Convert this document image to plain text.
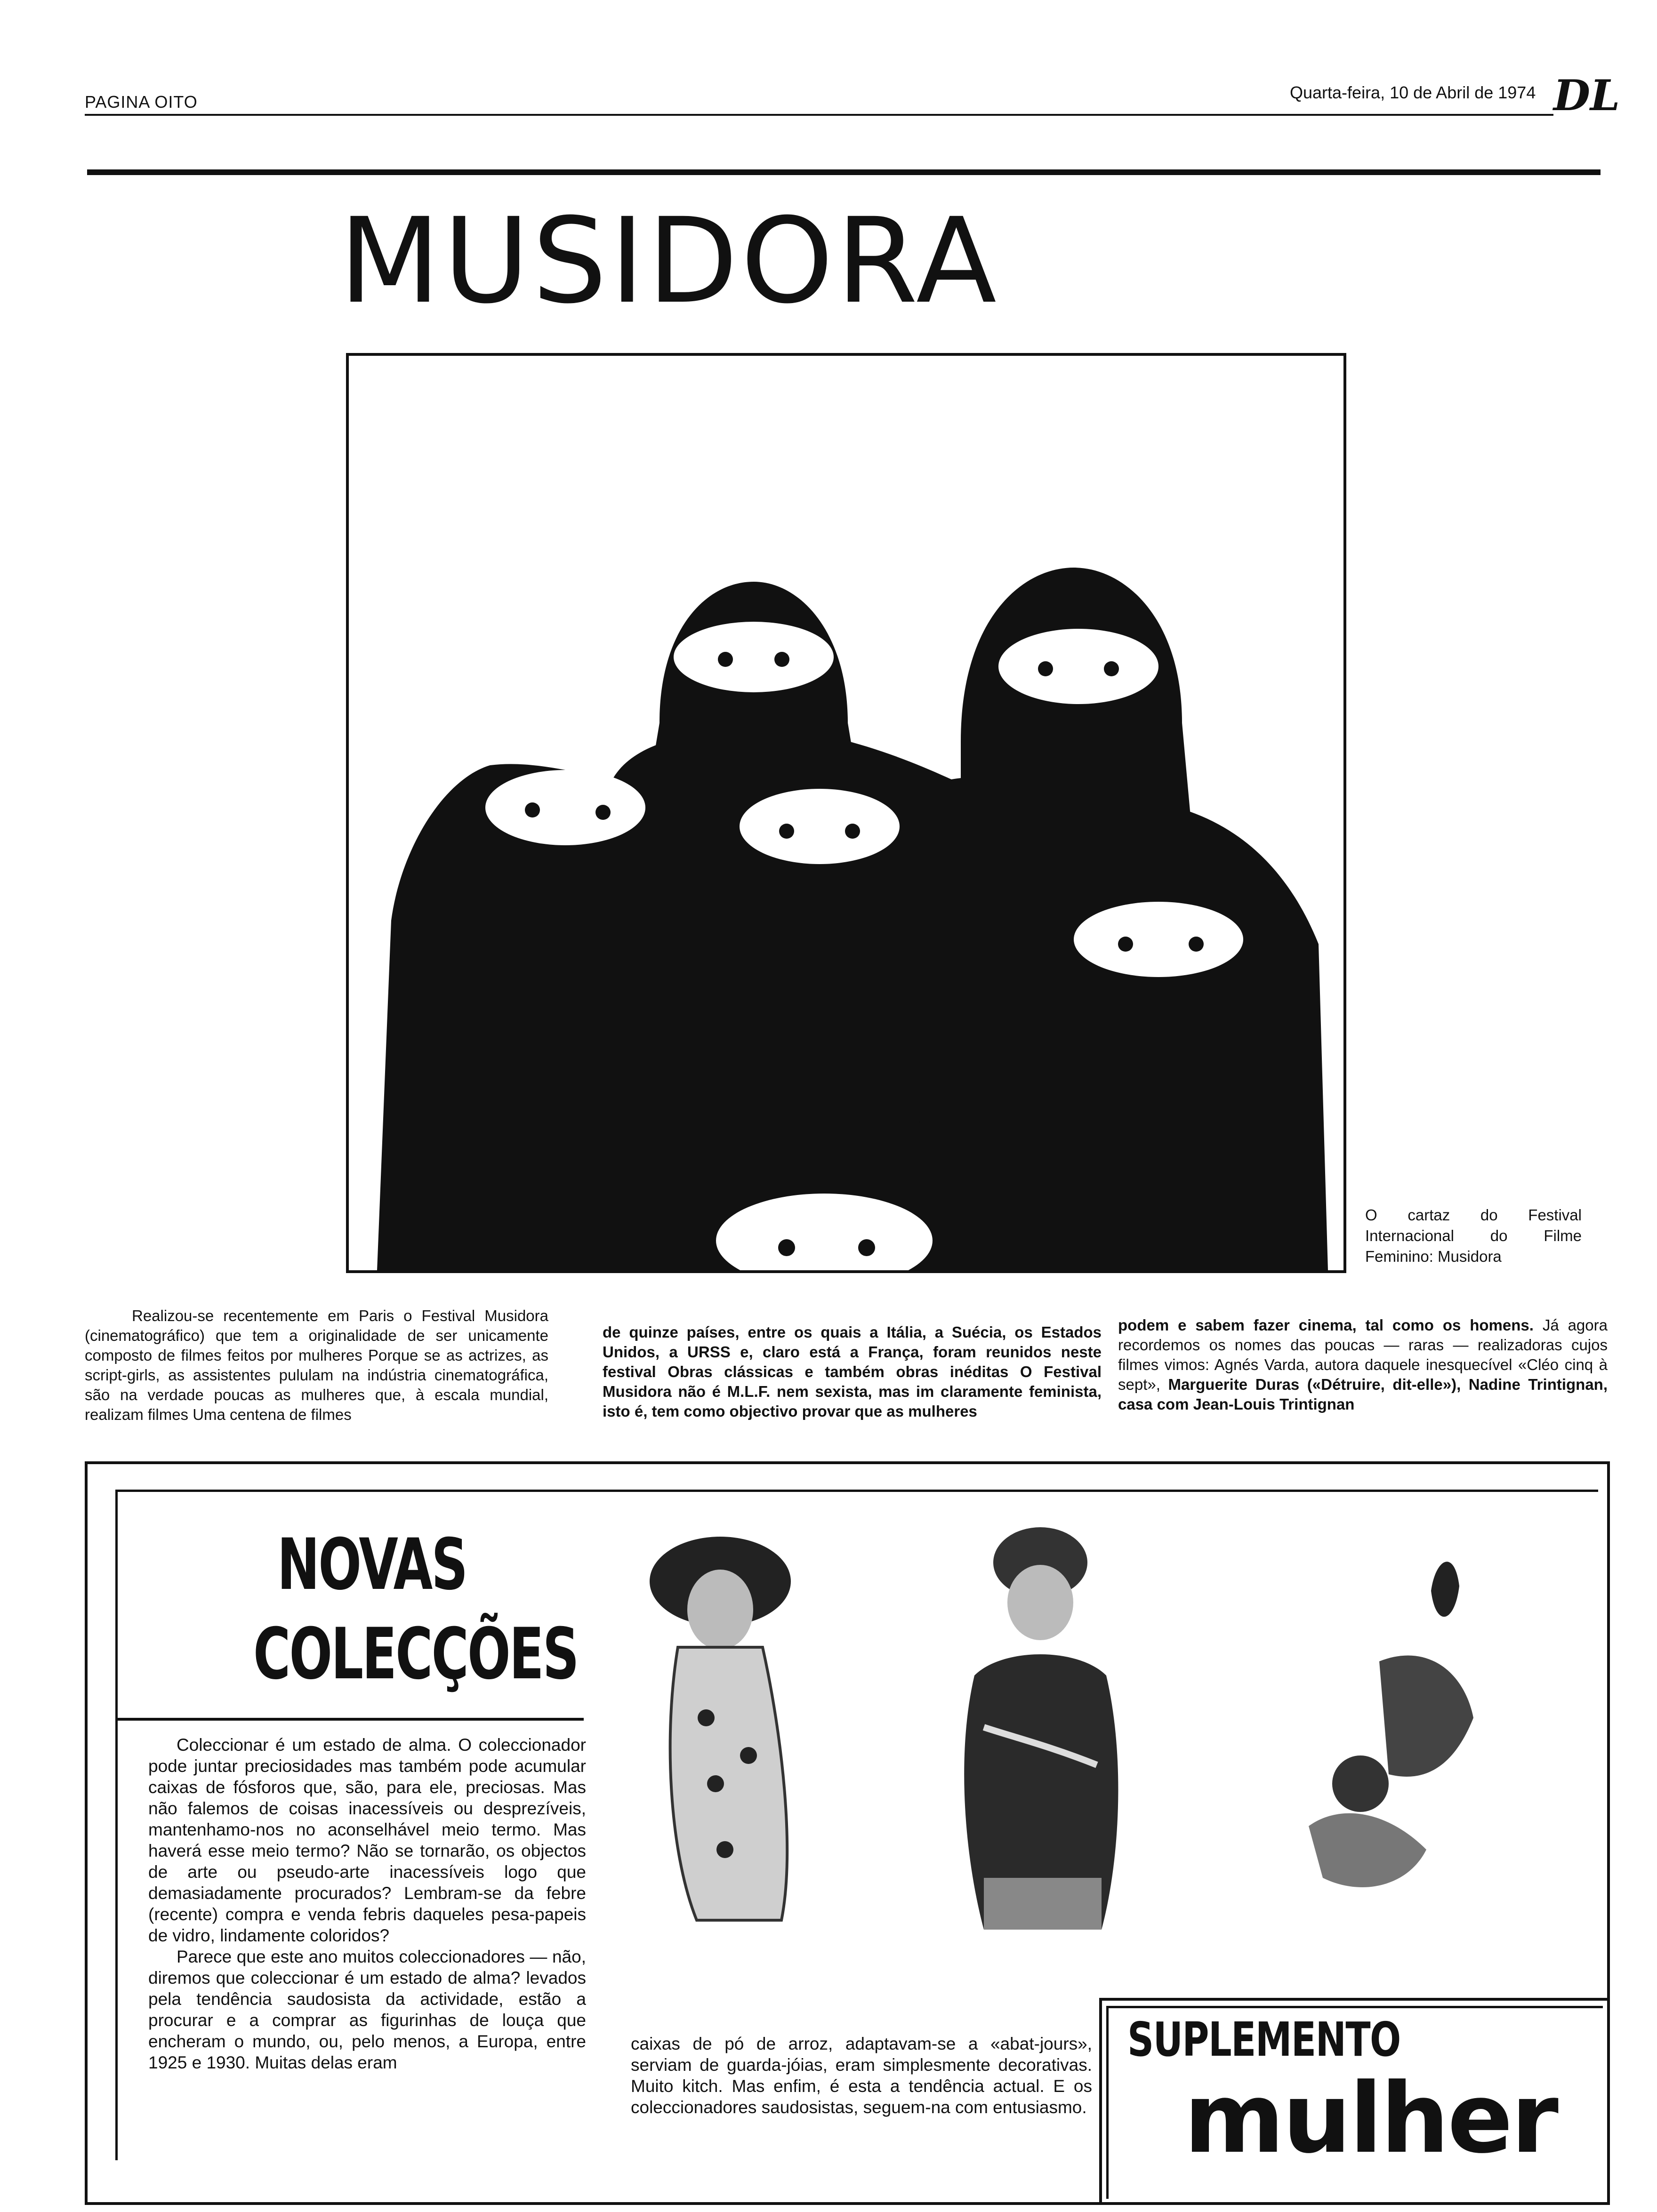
PAGINA OITO	Quarta-feira, 10 de Abril de 1974 DL
MUSIDORA
O cartaz do Festival Internacional do Filme Feminino: Musidora
Realizou-se recentemente em Paris o Festival Musidora (cinematográfico) que tem a originalidade de ser unicamente composto de filmes feitos por mulheres Porque se as actrizes, as script-girls, as assistentes pululam na indústria cinematográfica, são na verdade poucas as mulheres que, à escala mundial, realizam filmes Uma centena de filmes
de quinze países, entre os quais a Itália, a Suécia, os Estados Unidos, a URSS e, claro está a França, foram reunidos neste festival Obras clássicas e também obras inéditas O Festival Musidora não é M.L.F. nem sexista, mas im claramente feminista, isto é, tem como objectivo provar que as mulheres
podem e sabem fazer cinema, tal como os homens. Já agora recordemos os nomes das poucas — raras — realizadoras cujos filmes vimos: Agnés Varda, autora daquele inesquecível «Cléo cinq à sept», Marguerite Duras («Détruire, dit-elle»), Nadine Trintignan, casa com Jean-Louis Trintignan
NOVAS
COLECÇÕES

Coleccionar é um estado de alma. O coleccionador pode juntar preciosidades mas também pode acumular caixas de fósforos que, são, para ele, preciosas. Mas não falemos de coisas inacessíveis ou desprezíveis, mantenhamo-nos no aconselhável meio termo. Mas haverá esse meio termo? Não se tornarão, os objectos de arte ou pseudo-arte inacessíveis logo que demasiadamente procurados? Lembram-se da febre (recente) compra e venda febris daqueles pesa-papeis de vidro, lindamente coloridos?

Parece que este ano muitos coleccionadores — não, diremos que coleccionar é um estado de alma? levados pela tendência saudosista da actividade, estão a procurar e a comprar as figurinhas de louça que encheram o mundo, ou, pelo menos, a Europa, entre 1925 e 1930. Muitas delas eram

caixas de pó de arroz, adaptavam-se a «abat-jours», serviam de guarda-jóias, eram simplesmente decorativas. Muito kitch. Mas enfim, é esta a tendência actual. E os coleccionadores saudosistas, seguem-na com entusiasmo.
SUPLEMENTO
mulher
